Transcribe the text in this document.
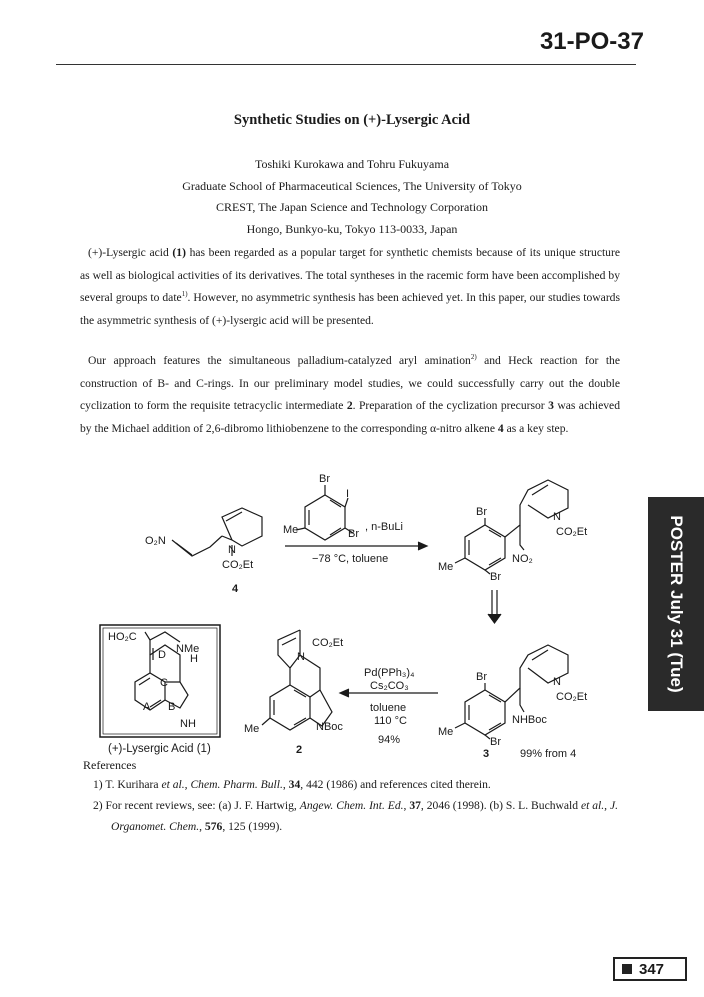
31-PO-37
Synthetic Studies on (+)-Lysergic Acid
Toshiki Kurokawa and Tohru Fukuyama
Graduate School of Pharmaceutical Sciences, The University of Tokyo
CREST, The Japan Science and Technology Corporation
Hongo, Bunkyo-ku, Tokyo 113-0033, Japan
(+)-Lysergic acid (1) has been regarded as a popular target for synthetic chemists because of its unique structure as well as biological activities of its derivatives. The total syntheses in the racemic form have been accomplished by several groups to date$^{1)}$. However, no asymmetric synthesis has been achieved yet. In this paper, our studies towards the asymmetric synthesis of (+)-lysergic acid will be presented.
Our approach features the simultaneous palladium-catalyzed aryl amination$^{2)}$ and Heck reaction for the construction of B- and C-rings. In our preliminary model studies, we could successfully carry out the double cyclization to form the requisite tetracyclic intermediate 2. Preparation of the cyclization precursor 3 was achieved by the Michael addition of 2,6-dibromo lithiobenzene to the corresponding α-nitro alkene 4 as a key step.
O₂N
N
CO₂Et
4
Br
I
Me	Br
, n-BuLi
−78 °C, toluene
Br
Br
Me
N
CO₂Et
NO₂
Br
Br
Me
N
CO₂Et
NHBoc
3	99% from 4
Pd(PPh₃)₄
Cs₂CO₃
toluene
110 °C
94%
N
CO₂Et
Me	NBoc
2
HO₂C
NMe
H
D
C
A B
NH
(+)-Lysergic Acid (1)
References
1) T. Kurihara et al., Chem. Pharm. Bull., 34, 442 (1986) and references cited therein.
2) For recent reviews, see: (a) J. F. Hartwig, Angew. Chem. Int. Ed., 37, 2046 (1998). (b) S. L. Buchwald et al., J. Organomet. Chem., 576, 125 (1999).
POSTER July 31 (Tue)
347
